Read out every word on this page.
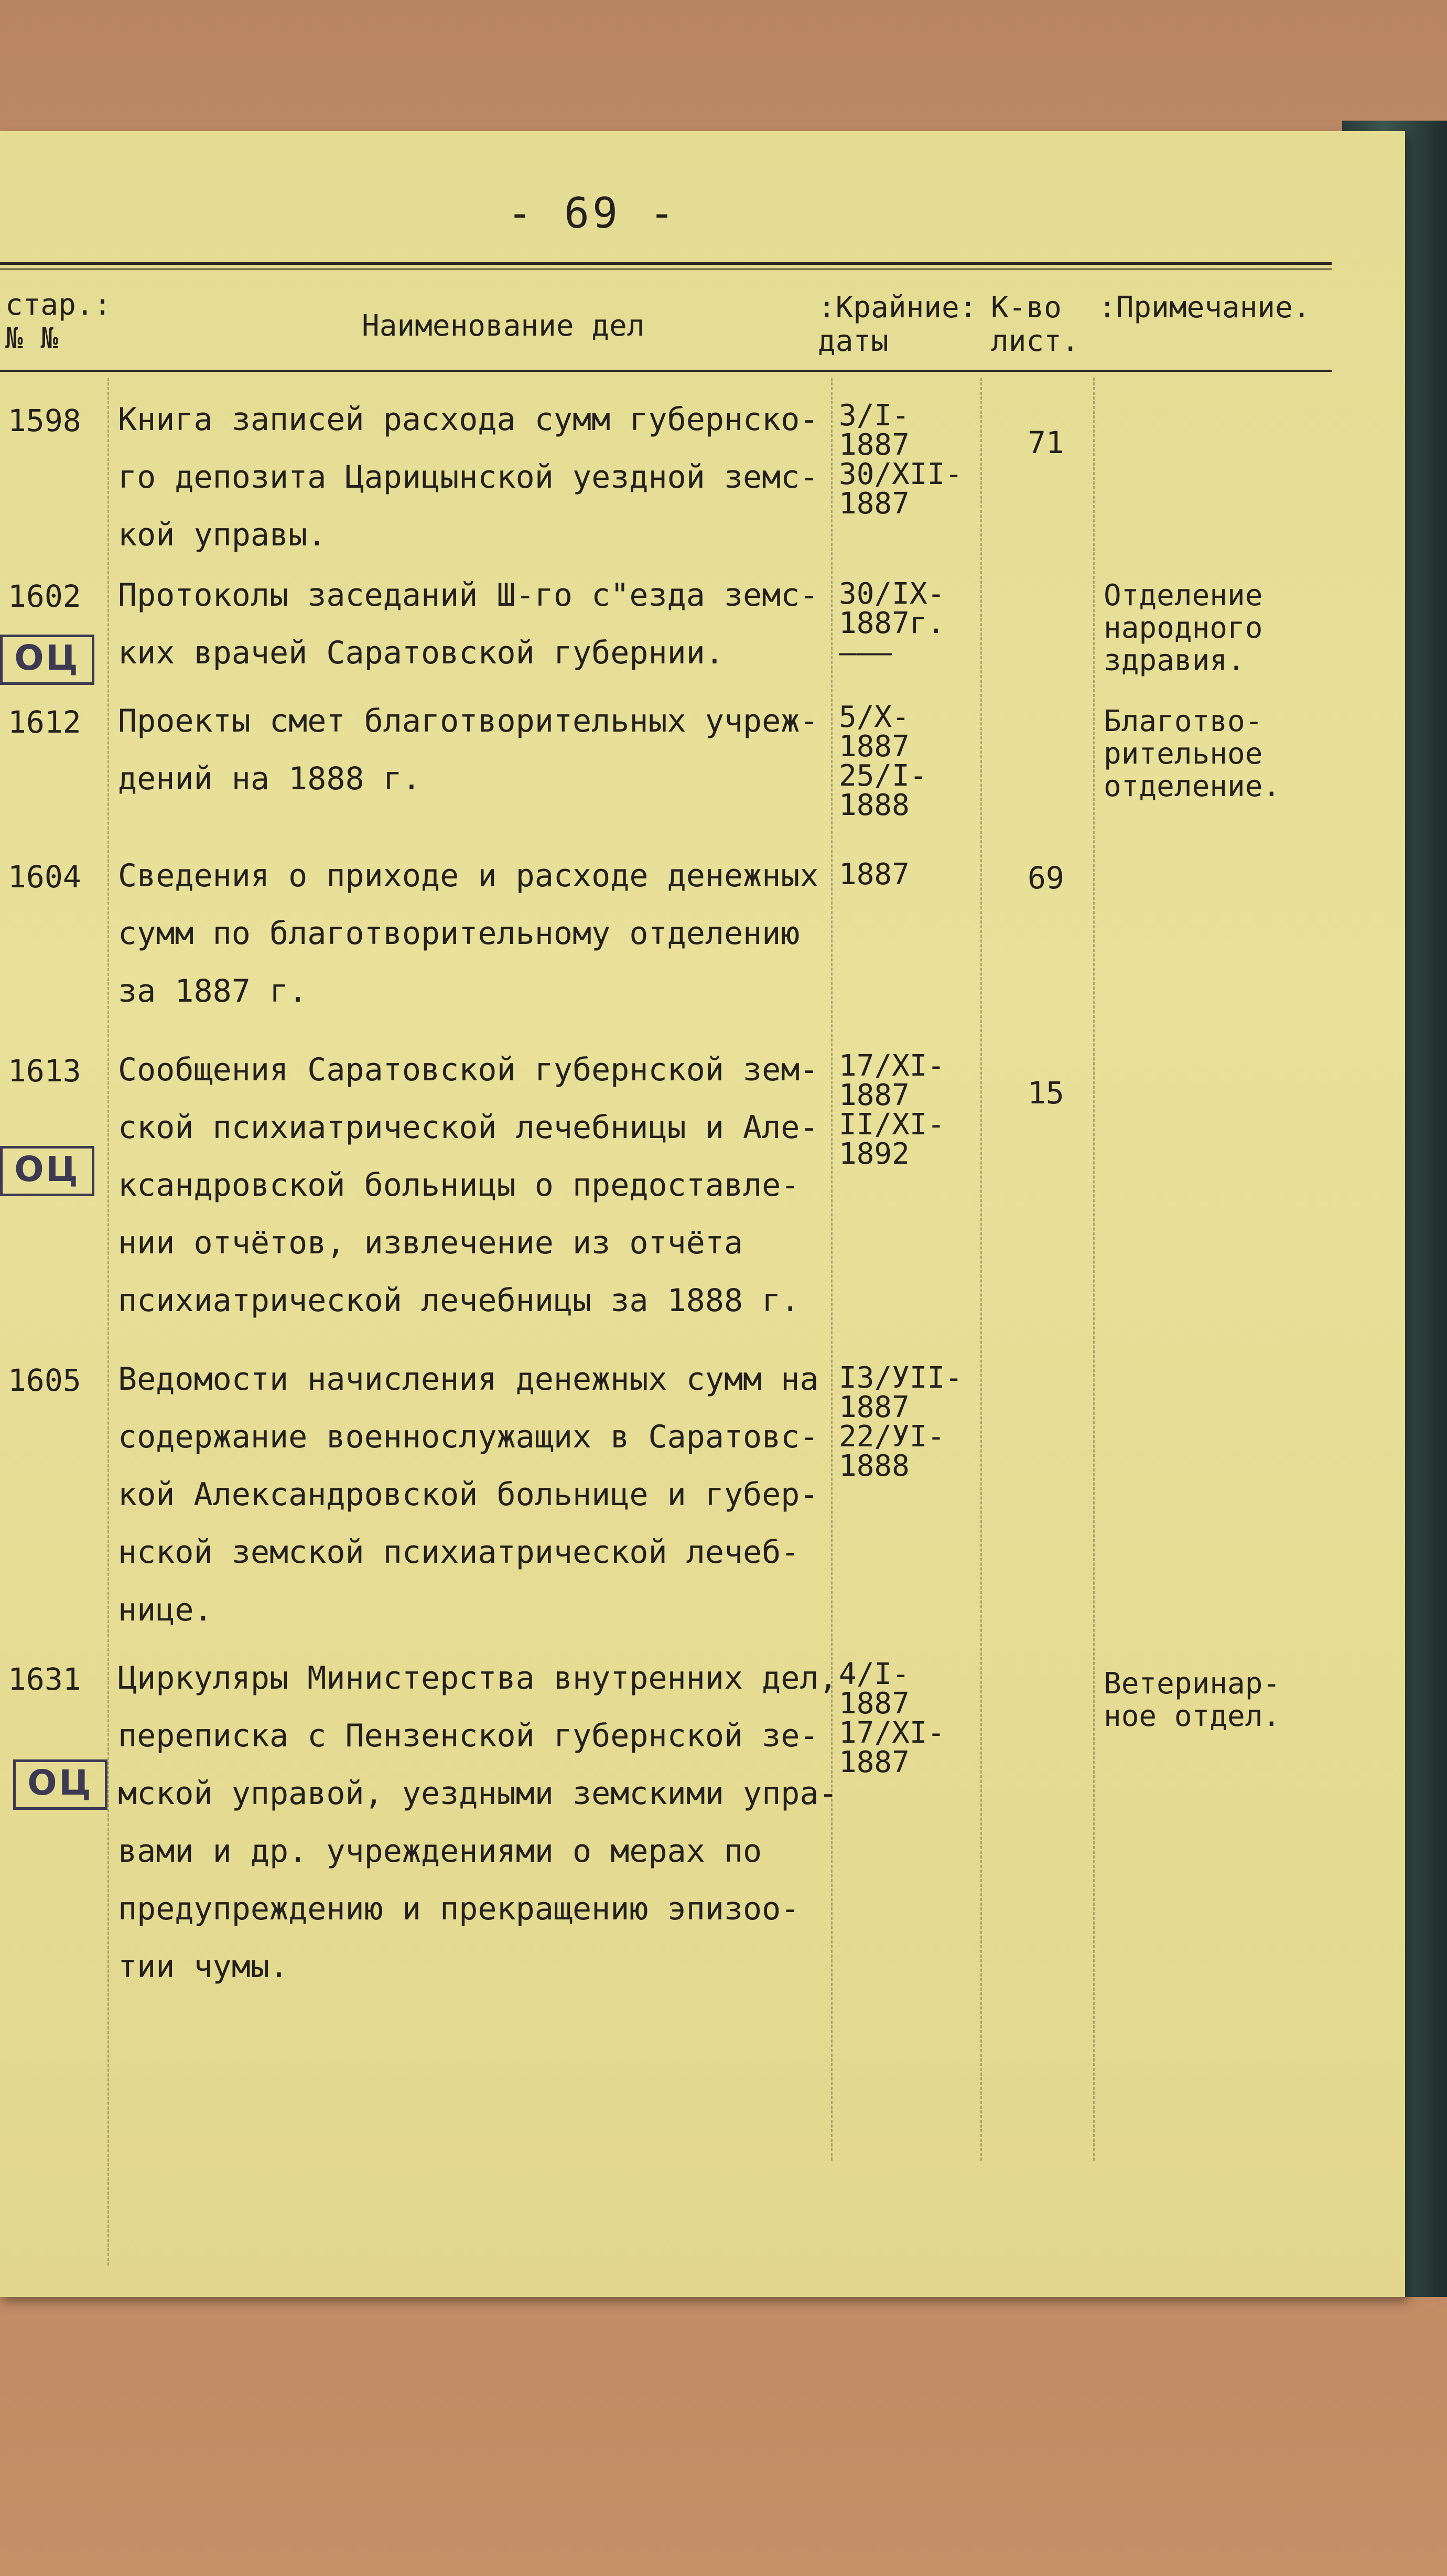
- 69 -
стар.:
№ №	Наименование дел
:Крайние:
даты
К-во
лист.
:Примечание.
1598 Книга записей расхода сумм губернско-
го депозита Царицынской уездной земс-
кой управы.
3/I-
1887
30/XII-
1887
71
1602
ОЦ
Протоколы заседаний Ш-го с"езда земс-
ких врачей Саратовской губернии.
30/IX-
1887г.
———
Отделение
народного
здравия.
1612 Проекты смет благотворительных учреж-
дений на 1888 г.
5/X-
1887
25/I-
1888
Благотво-
рительное
отделение.
1604 Сведения о приходе и расходе денежных
сумм по благотворительному отделению
за 1887 г.
1887	69
1613
ОЦ
Сообщения Саратовской губернской зем-
ской психиатрической лечебницы и Але-
ксандровской больницы о предоставле-
нии отчётов, извлечение из отчёта
психиатрической лечебницы за 1888 г.
17/XI-
1887
II/XI-
1892
15
1605 Ведомости начисления денежных сумм на
содержание военнослужащих в Саратовс-
кой Александровской больнице и губер-
нской земской психиатрической лечеб-
нице.
I3/УII-
1887
22/УI-
1888
1631
ОЦ
Циркуляры Министерства внутренних дел,
переписка с Пензенской губернской зе-
мской управой, уездными земскими упра-
вами и др. учреждениями о мерах по
предупреждению и прекращению эпизоо-
тии чумы.
4/I-
1887
17/XI-
1887
Ветеринар-
ное отдел.
